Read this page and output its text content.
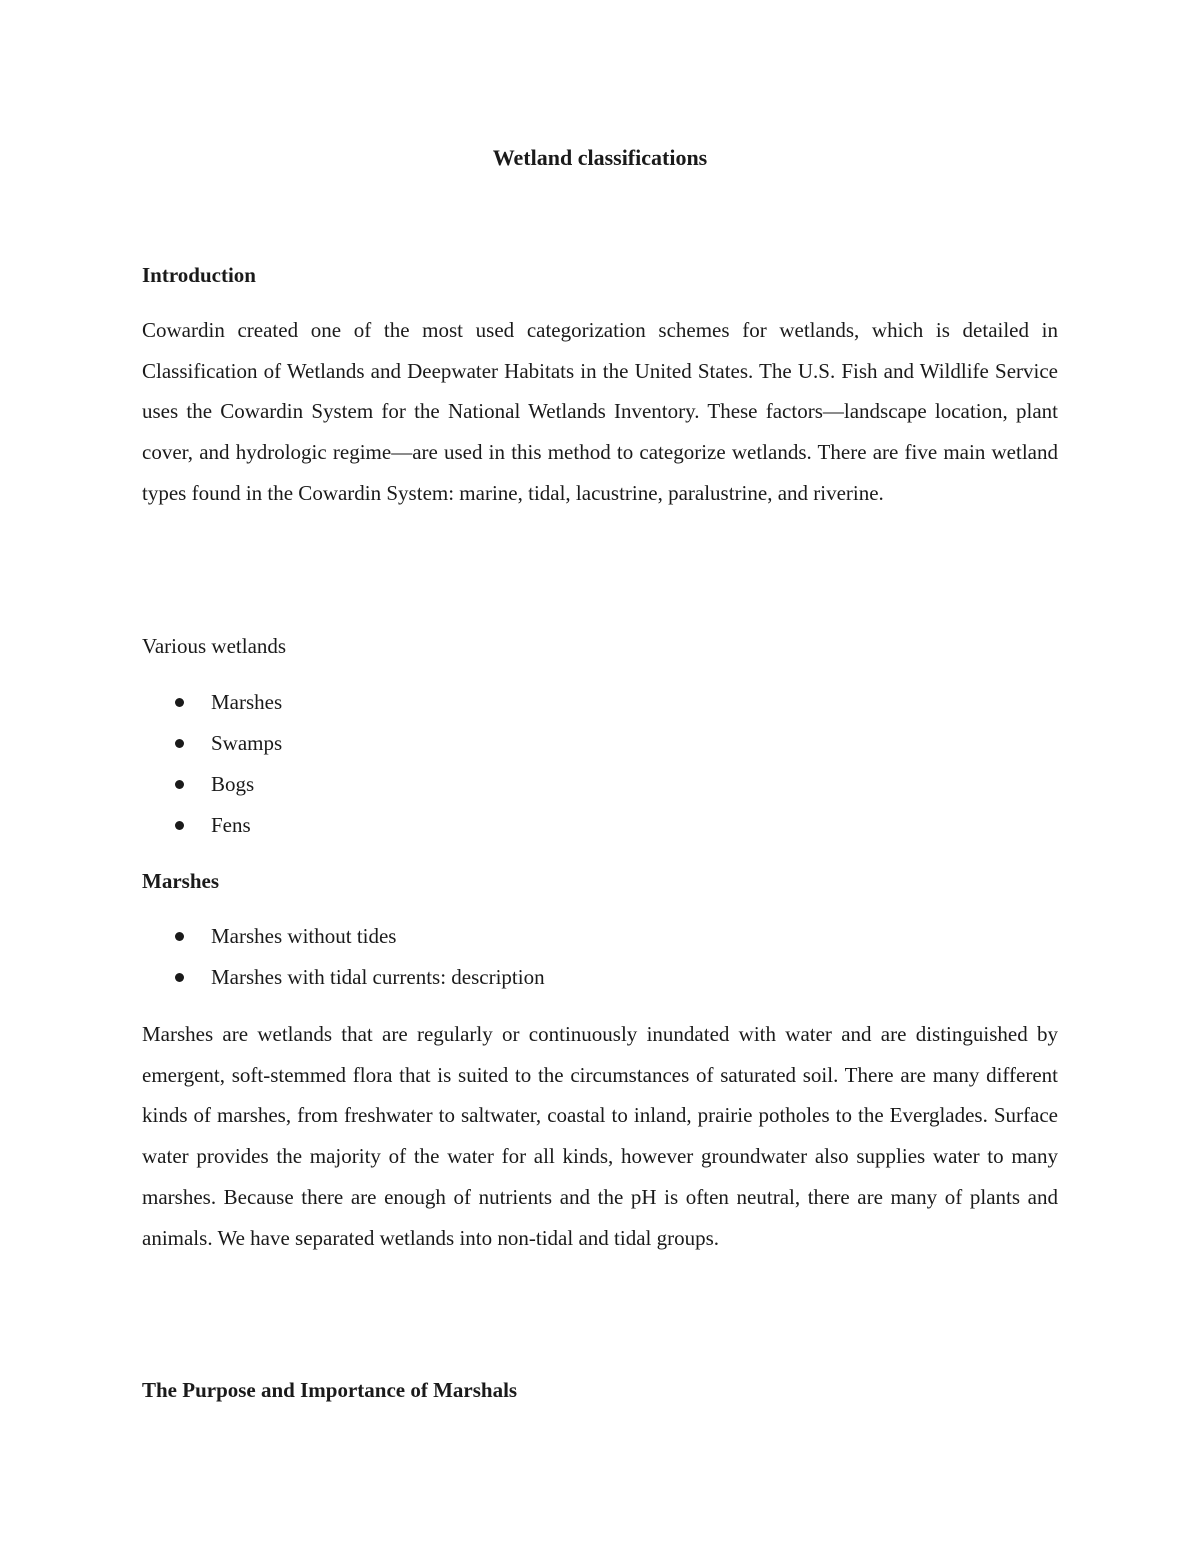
Wetland classifications
Introduction
Cowardin created one of the most used categorization schemes for wetlands, which is detailed in Classification of Wetlands and Deepwater Habitats in the United States. The U.S. Fish and Wildlife Service uses the Cowardin System for the National Wetlands Inventory. These factors—landscape location, plant cover, and hydrologic regime—are used in this method to categorize wetlands. There are five main wetland types found in the Cowardin System: marine, tidal, lacustrine, paralustrine, and riverine.
Various wetlands
Marshes
Swamps
Bogs
Fens
Marshes
Marshes without tides
Marshes with tidal currents: description
Marshes are wetlands that are regularly or continuously inundated with water and are distinguished by emergent, soft-stemmed flora that is suited to the circumstances of saturated soil. There are many different kinds of marshes, from freshwater to saltwater, coastal to inland, prairie potholes to the Everglades. Surface water provides the majority of the water for all kinds, however groundwater also supplies water to many marshes. Because there are enough of nutrients and the pH is often neutral, there are many of plants and animals. We have separated wetlands into non-tidal and tidal groups.
The Purpose and Importance of Marshals
